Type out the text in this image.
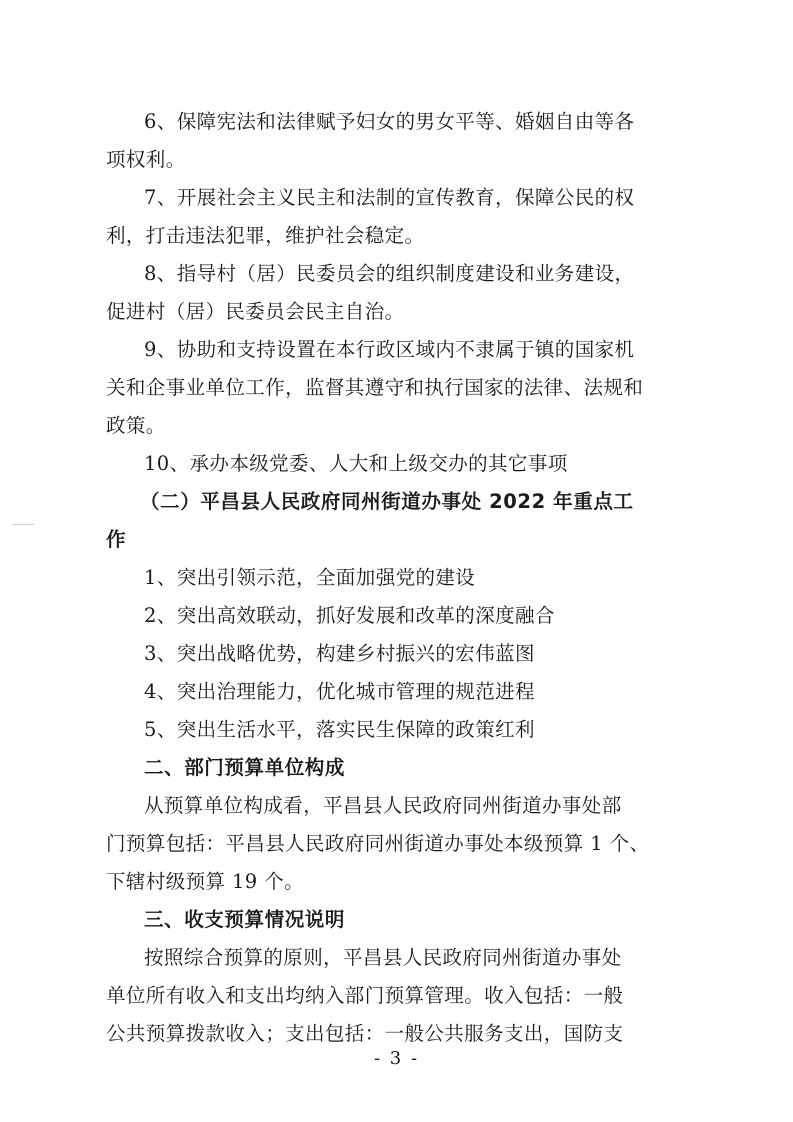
6、保障宪法和法律赋予妇女的男女平等、婚姻自由等各
项权利。
7、开展社会主义民主和法制的宣传教育，保障公民的权
利，打击违法犯罪，维护社会稳定。
8、指导村（居）民委员会的组织制度建设和业务建设，
促进村（居）民委员会民主自治。
9、协助和支持设置在本行政区域内不隶属于镇的国家机
关和企事业单位工作，监督其遵守和执行国家的法律、法规和
政策。
10、承办本级党委、人大和上级交办的其它事项
（二）平昌县人民政府同州街道办事处 2022 年重点工
作
1、突出引领示范，全面加强党的建设
2、突出高效联动，抓好发展和改革的深度融合
3、突出战略优势，构建乡村振兴的宏伟蓝图
4、突出治理能力，优化城市管理的规范进程
5、突出生活水平，落实民生保障的政策红利
二、部门预算单位构成
从预算单位构成看，平昌县人民政府同州街道办事处部
门预算包括：平昌县人民政府同州街道办事处本级预算 1 个、
下辖村级预算 19 个。
三、收支预算情况说明
按照综合预算的原则，平昌县人民政府同州街道办事处
单位所有收入和支出均纳入部门预算管理。收入包括：一般
公共预算拨款收入；支出包括：一般公共服务支出，国防支
- 3 -
